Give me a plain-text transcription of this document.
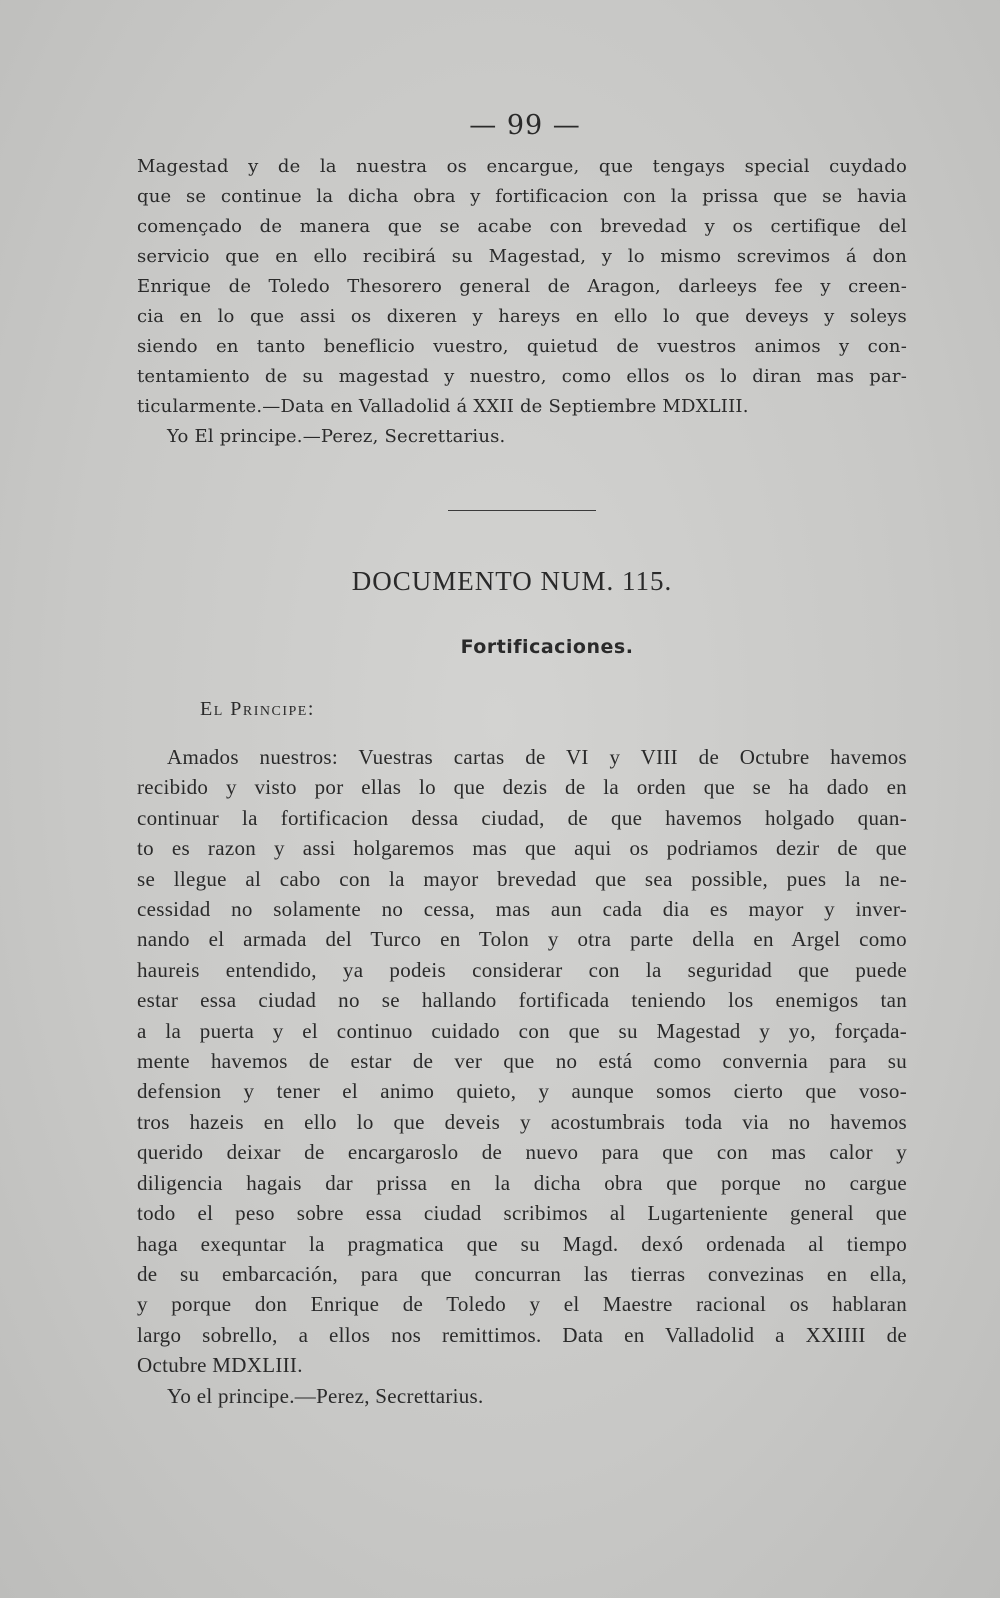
— 99 —
Magestad y de la nuestra os encargue, que tengays special cuydado
que se continue la dicha obra y fortificacion con la prissa que se havia
començado de manera que se acabe con brevedad y os certifique del
servicio que en ello recibirá su Magestad, y lo mismo screvimos á don
Enrique de Toledo Thesorero general de Aragon, darleeys fee y creen-
cia en lo que assi os dixeren y hareys en ello lo que deveys y soleys
siendo en tanto beneflicio vuestro, quietud de vuestros animos y con-
tentamiento de su magestad y nuestro, como ellos os lo diran mas par-
ticularmente.—Data en Valladolid á XXII de Septiembre MDXLIII.
Yo El principe.—Perez, Secrettarius.
DOCUMENTO NUM. 115.
Fortificaciones.
El Principe:
Amados nuestros: Vuestras cartas de VI y VIII de Octubre havemos
recibido y visto por ellas lo que dezis de la orden que se ha dado en
continuar la fortificacion dessa ciudad, de que havemos holgado quan-
to es razon y assi holgaremos mas que aqui os podriamos dezir de que
se llegue al cabo con la mayor brevedad que sea possible, pues la ne-
cessidad no solamente no cessa, mas aun cada dia es mayor y inver-
nando el armada del Turco en Tolon y otra parte della en Argel como
haureis entendido, ya podeis considerar con la seguridad que puede
estar essa ciudad no se hallando fortificada teniendo los enemigos tan
a la puerta y el continuo cuidado con que su Magestad y yo, forçada-
mente havemos de estar de ver que no está como convernia para su
defension y tener el animo quieto, y aunque somos cierto que voso-
tros hazeis en ello lo que deveis y acostumbrais toda via no havemos
querido deixar de encargaroslo de nuevo para que con mas calor y
diligencia hagais dar prissa en la dicha obra que porque no cargue
todo el peso sobre essa ciudad scribimos al Lugarteniente general que
haga exequntar la pragmatica que su Magd. dexó ordenada al tiempo
de su embarcación, para que concurran las tierras convezinas en ella,
y porque don Enrique de Toledo y el Maestre racional os hablaran
largo sobrello, a ellos nos remittimos. Data en Valladolid a XXIIII de
Octubre MDXLIII.
Yo el principe.—Perez, Secrettarius.
